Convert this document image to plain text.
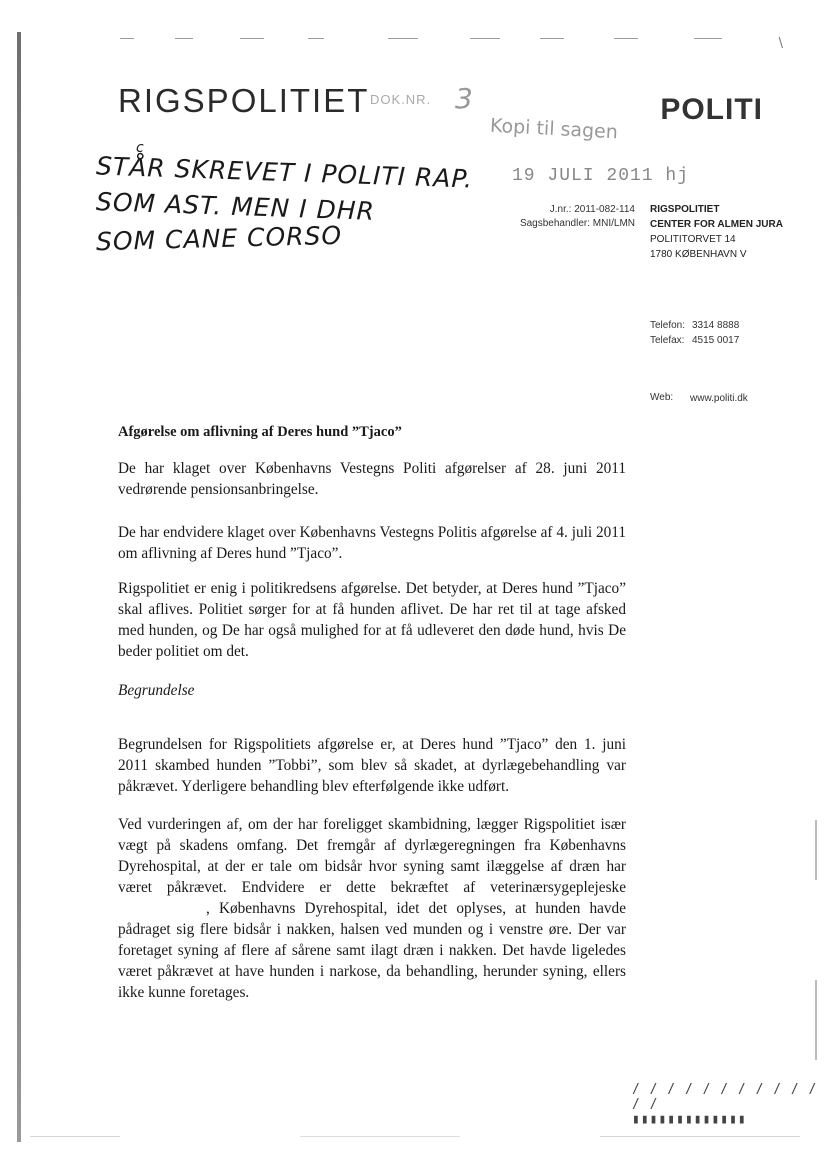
\
RIGSPOLITIET DOK.NR. 3	POLITI
Kopi til sagen
19 JULI 2011 hj
c
STÅR SKREVET I POLITI RAP.
SOM AST. MEN I DHR
SOM CANE CORSO
J.nr.: 2011-082-114
Sagsbehandler: MNI/LMN
RIGSPOLITIET
CENTER FOR ALMEN JURA
POLITITORVET 14
1780 KØBENHAVN V
Telefon: 3314 8888
Telefax: 4515 0017
Web: www.politi.dk
Afgørelse om aflivning af Deres hund ”Tjaco”
De har klaget over Københavns Vestegns Politi afgørelser af 28. juni 2011 vedrørende pensionsanbringelse.
De har endvidere klaget over Københavns Vestegns Politis afgørelse af 4. juli 2011 om aflivning af Deres hund ”Tjaco”.
Rigspolitiet er enig i politikredsens afgørelse. Det betyder, at Deres hund ”Tjaco” skal aflives. Politiet sørger for at få hunden aflivet. De har ret til at tage afsked med hunden, og De har også mulighed for at få udleveret den døde hund, hvis De beder politiet om det.
Begrundelse
Begrundelsen for Rigspolitiets afgørelse er, at Deres hund ”Tjaco” den 1. juni 2011 skambed hunden ”Tobbi”, som blev så skadet, at dyrlægebehandling var påkrævet. Yderligere behandling blev efterfølgende ikke udført.
Ved vurderingen af, om der har foreligget skambidning, lægger Rigspolitiet især vægt på skadens omfang. Det fremgår af dyrlægeregningen fra Københavns Dyrehospital, at der er tale om bidsår hvor syning samt ilæggelse af dræn har været påkrævet. Endvidere er dette bekræftet af veterinærsygeplejeske, Københavns Dyrehospital, idet det oplyses, at hunden havde pådraget sig flere bidsår i nakken, halsen ved munden og i venstre øre. Der var foretaget syning af flere af sårene samt ilagt dræn i nakken. Det havde ligeledes været påkrævet at have hunden i narkose, da behandling, herunder syning, ellers ikke kunne foretages.
/ / / / / / / / / / / / /
▮▮▮▮▮▮▮▮▮▮▮▮▮
